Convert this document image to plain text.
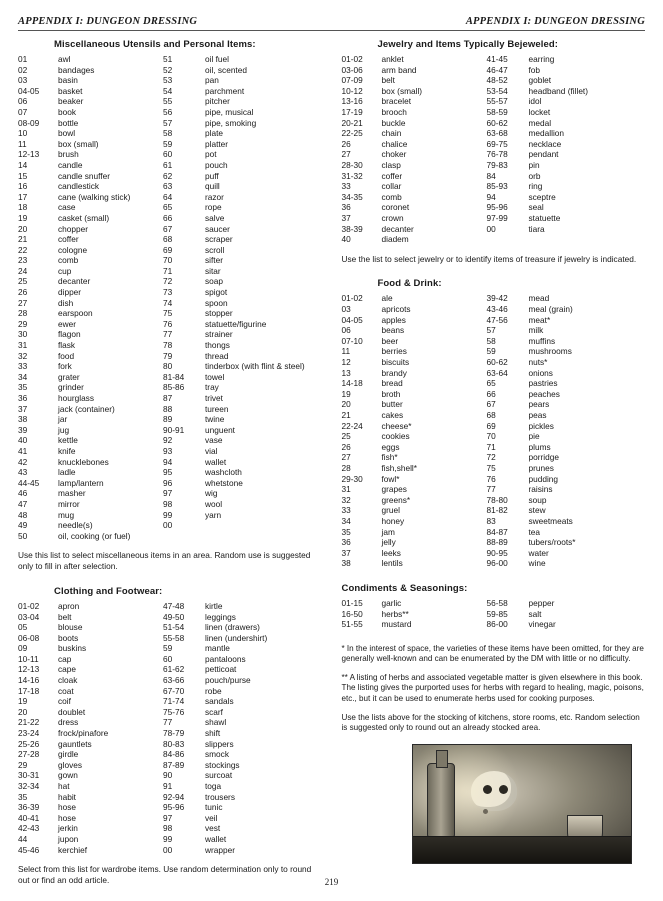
APPENDIX I: DUNGEON DRESSING	APPENDIX I: DUNGEON DRESSING
Miscellaneous Utensils and Personal Items:
01
02
03
04-05
06
07
08-09
10
11
12-13
14
15
16
17
18
19
20
21
22
23
24
25
26
27
28
29
30
31
32
33
34
35
36
37
38
39
40
41
42
43
44-45
46
47
48
49
50
awl
bandages
basin
basket
beaker
book
bottle
bowl
box (small)
brush
candle
candle snuffer
candlestick
cane (walking stick)
case
casket (small)
chopper
coffer
cologne
comb
cup
decanter
dipper
dish
earspoon
ewer
flagon
flask
food
fork
grater
grinder
hourglass
jack (container)
jar
jug
kettle
knife
knucklebones
ladle
lamp/lantern
masher
mirror
mug
needle(s)
oil, cooking (or fuel)
51
52
53
54
55
56
57
58
59
60
61
62
63
64
65
66
67
68
69
70
71
72
73
74
75
76
77
78
79
80
81-84
85-86
87
88
89
90-91
92
93
94
95
96
97
98
99
00
oil fuel
oil, scented
pan
parchment
pitcher
pipe, musical
pipe, smoking
plate
platter
pot
pouch
puff
quill
razor
rope
salve
saucer
scraper
scroll
sifter
sitar
soap
spigot
spoon
stopper
statuette/figurine
strainer
thongs
thread
tinderbox (with flint & steel)
towel
tray
trivet
tureen
twine
unguent
vase
vial
wallet
washcloth
whetstone
wig
wool
yarn

Use this list to select miscellaneous items in an area. Random use is suggested only to fill in after selection.

Clothing and Footwear:
01-02
03-04
05
06-08
09
10-11
12-13
14-16
17-18
19
20
21-22
23-24
25-26
27-28
29
30-31
32-34
35
36-39
40-41
42-43
44
45-46
apron
belt
blouse
boots
buskins
cap
cape
cloak
coat
coif
doublet
dress
frock/pinafore
gauntlets
girdle
gloves
gown
hat
habit
hose
hose
jerkin
jupon
kerchief
47-48
49-50
51-54
55-58
59
60
61-62
63-66
67-70
71-74
75-76
77
78-79
80-83
84-86
87-89
90
91
92-94
95-96
97
98
99
00
kirtle
leggings
linen (drawers)
linen (undershirt)
mantle
pantaloons
petticoat
pouch/purse
robe
sandals
scarf
shawl
shift
slippers
smock
stockings
surcoat
toga
trousers
tunic
veil
vest
wallet
wrapper

Select from this list for wardrobe items. Use random determination only to round out or find an odd article.

Jewelry and Items Typically Bejeweled:
01-02
03-06
07-09
10-12
13-16
17-19
20-21
22-25
26
27
28-30
31-32
33
34-35
36
37
38-39
40
anklet
arm band
belt
box (small)
bracelet
brooch
buckle
chain
chalice
choker
clasp
coffer
collar
comb
coronet
crown
decanter
diadem
41-45
46-47
48-52
53-54
55-57
58-59
60-62
63-68
69-75
76-78
79-83
84
85-93
94
95-96
97-99
00
earring
fob
goblet
headband (fillet)
idol
locket
medal
medallion
necklace
pendant
pin
orb
ring
sceptre
seal
statuette
tiara

Use the list to select jewelry or to identify items of treasure if jewelry is indicated.

Food & Drink:
01-02
03
04-05
06
07-10
11
12
13
14-18
19
20
21
22-24
25
26
27
28
29-30
31
32
33
34
35
36
37
38
ale
apricots
apples
beans
beer
berries
biscuits
brandy
bread
broth
butter
cakes
cheese*
cookies
eggs
fish*
fish,shell*
fowl*
grapes
greens*
gruel
honey
jam
jelly
leeks
lentils
39-42
43-46
47-56
57
58
59
60-62
63-64
65
66
67
68
69
70
71
72
75
76
77
78-80
81-82
83
84-87
88-89
90-95
96-00
mead
meal (grain)
meat*
milk
muffins
mushrooms
nuts*
onions
pastries
peaches
pears
peas
pickles
pie
plums
porridge
prunes
pudding
raisins
soup
stew
sweetmeats
tea
tubers/roots*
water
wine
Condiments & Seasonings:
01-15
16-50
51-55
garlic
herbs**
mustard
56-58
59-85
86-00
pepper
salt
vinegar

* In the interest of space, the varieties of these items have been omitted, for they are generally well-known and can be enumerated by the DM with little or no difficulty.

** A listing of herbs and associated vegetable matter is given elsewhere in this book. The listing gives the purported uses for herbs with regard to healing, magic, poisons, etc., but it can be used to enumerate herbs used for cooking purposes.

Use the lists above for the stocking of kitchens, store rooms, etc. Random selection is suggested only to round out an already stocked area.

219
